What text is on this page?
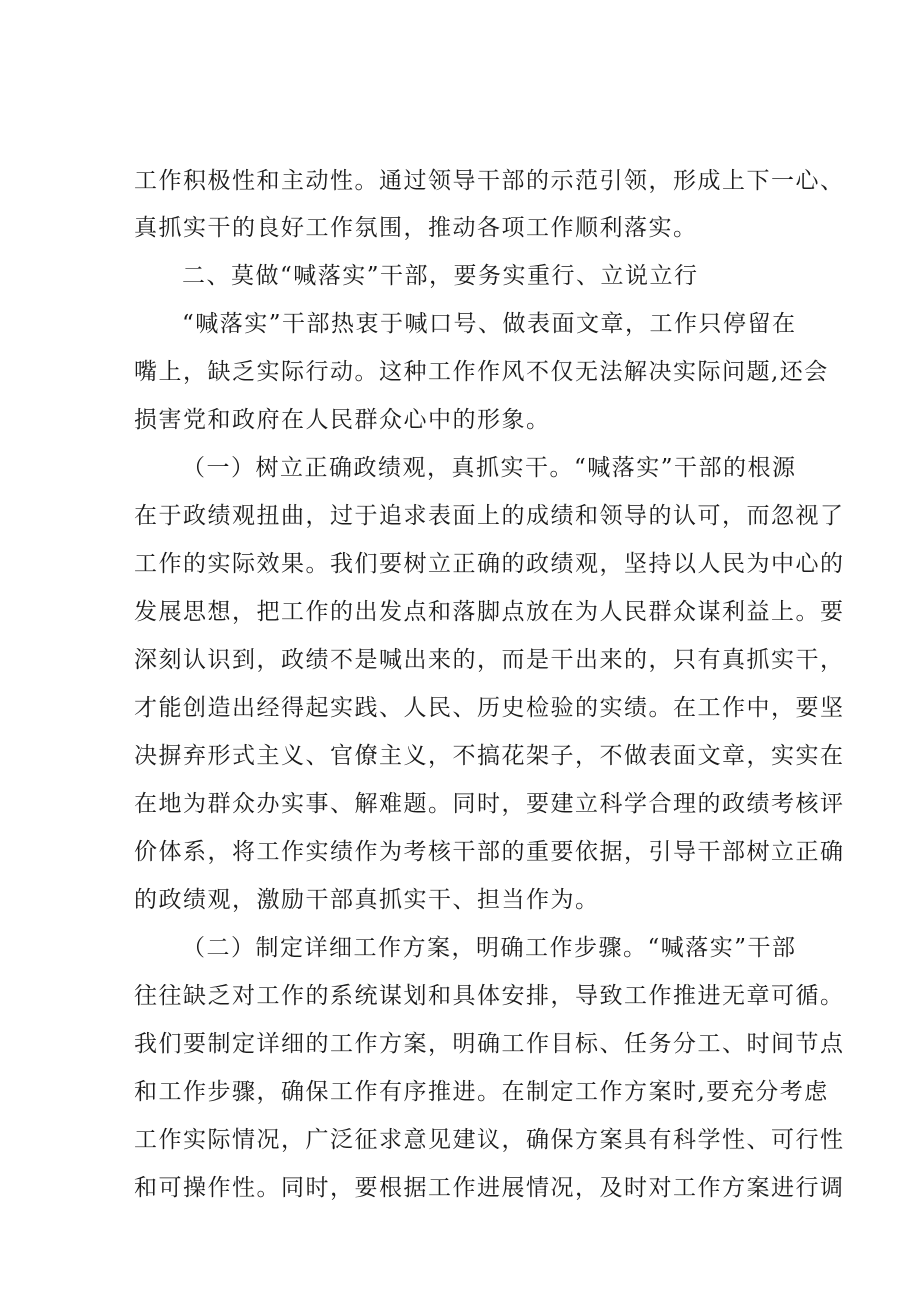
工作积极性和主动性。通过领导干部的示范引领，形成上下一心、
真抓实干的良好工作氛围，推动各项工作顺利落实。
二、莫做“喊落实”干部，要务实重行、立说立行
“喊落实”干部热衷于喊口号、做表面文章，工作只停留在
嘴上，缺乏实际行动。这种工作作风不仅无法解决实际问题,还会
损害党和政府在人民群众心中的形象。
（一）树立正确政绩观，真抓实干。“喊落实”干部的根源
在于政绩观扭曲，过于追求表面上的成绩和领导的认可，而忽视了
工作的实际效果。我们要树立正确的政绩观，坚持以人民为中心的
发展思想，把工作的出发点和落脚点放在为人民群众谋利益上。要
深刻认识到，政绩不是喊出来的，而是干出来的，只有真抓实干，
才能创造出经得起实践、人民、历史检验的实绩。在工作中，要坚
决摒弃形式主义、官僚主义，不搞花架子，不做表面文章，实实在
在地为群众办实事、解难题。同时，要建立科学合理的政绩考核评
价体系，将工作实绩作为考核干部的重要依据，引导干部树立正确
的政绩观，激励干部真抓实干、担当作为。
（二）制定详细工作方案，明确工作步骤。“喊落实”干部
往往缺乏对工作的系统谋划和具体安排，导致工作推进无章可循。
我们要制定详细的工作方案，明确工作目标、任务分工、时间节点
和工作步骤，确保工作有序推进。在制定工作方案时,要充分考虑
工作实际情况，广泛征求意见建议，确保方案具有科学性、可行性
和可操作性。同时，要根据工作进展情况，及时对工作方案进行调
